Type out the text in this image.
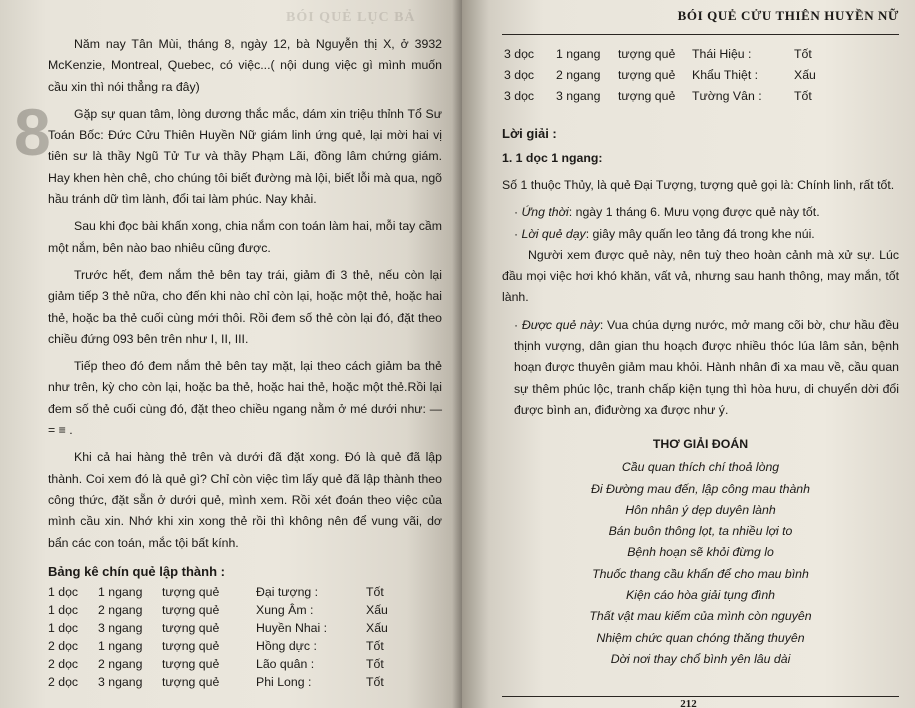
BÓI QUẺ LỤC BẢ
8

Năm nay Tân Mùi, tháng 8, ngày 12, bà Nguyễn thị X, ở 3932 McKenzie, Montreal, Quebec, có việc...( nội dung việc gì mình muốn cầu xin thì nói thẳng ra đây)

Gặp sự quan tâm, lòng dương thắc mắc, dám xin triệu thỉnh Tổ Sư Toán Bốc: Đức Cửu Thiên Huyền Nữ giám linh ứng quẻ, lại mời hai vị tiên sư là thầy Ngũ Tử Tư và thầy Phạm Lãi, đồng lâm chứng giám. Hay khen hèn chê, cho chúng tôi biết đường mà lội, biết lỗi mà qua, ngõ hầu tránh dữ tìm lành, đổi tai làm phúc. Nay khải.

Sau khi đọc bài khấn xong, chia nắm con toán làm hai, mỗi tay cầm một nắm, bên nào bao nhiêu cũng được.

Trước hết, đem nắm thẻ bên tay trái, giảm đi 3 thẻ, nếu còn lại giảm tiếp 3 thẻ nữa, cho đến khi nào chỉ còn lại, hoặc một thẻ, hoặc hai thẻ, hoặc ba thẻ cuối cùng mới thôi. Rồi đem số thẻ còn lại đó, đặt theo chiều đứng 093 bên trên như I, II, III.

Tiếp theo đó đem nắm thẻ bên tay mặt, lại theo cách giảm ba thẻ như trên, kỳ cho còn lại, hoặc ba thẻ, hoặc hai thẻ, hoặc một thẻ.Rồi lại đem số thẻ cuối cùng đó, đặt theo chiều ngang nằm ở mé dưới như: — = ≡ .

Khi cả hai hàng thẻ trên và dưới đã đặt xong. Đó là quẻ đã lập thành. Coi xem đó là quẻ gì? Chỉ còn việc tìm lấy quẻ đã lập thành theo công thức, đặt sẵn ở dưới quẻ, mình xem. Rồi xét đoán theo việc của mình cầu xin. Nhớ khi xin xong thẻ rồi thì không nên để vung vãi, dơ bẩn các con toán, mắc tội bất kính.

Bảng kê chín quẻ lập thành :
1 dọc	1 ngang	tượng quẻ	Đại tượng :	Tốt
1 dọc	2 ngang	tượng quẻ	Xung Âm :	Xấu
1 dọc	3 ngang	tượng quẻ	Huyền Nhai :	Xấu
2 dọc	1 ngang	tượng quẻ	Hồng dực :	Tốt
2 dọc	2 ngang	tượng quẻ	Lão quân :	Tốt
2 dọc	3 ngang	tượng quẻ	Phi Long :	Tốt
BÓI QUẺ CỬU THIÊN HUYỀN NỮ
3 dọc	1 ngang	tượng quẻ	Thái Hiệu :	Tốt
3 dọc	2 ngang	tượng quẻ	Khẩu Thiệt :	Xấu
3 dọc	3 ngang	tượng quẻ	Tường Vân :	Tốt
Lời giải :
1. 1 dọc 1 ngang:

Số 1 thuộc Thủy, là quẻ Đại Tượng, tượng quẻ gọi là: Chính linh, rất tốt.

· Ứng thời: ngày 1 tháng 6. Mưu vọng được quẻ này tốt.

· Lời quẻ dạy: giây mây quấn leo tảng đá trong khe núi.

Người xem được quẻ này, nên tuỳ theo hoàn cảnh mà xử sự. Lúc đầu mọi việc hơi khó khăn, vất vả, nhưng sau hanh thông, may mắn, tốt lành.

· Được quẻ này: Vua chúa dựng nước, mở mang cõi bờ, chư hầu đều thịnh vượng, dân gian thu hoạch được nhiều thóc lúa lâm sản, bệnh hoạn được thuyên giảm mau khỏi. Hành nhân đi xa mau về, cầu quan sự thêm phúc lộc, tranh chấp kiện tụng thì hòa hưu, di chuyển dời đổi được bình an, điđường xa được như ý.

THƠ GIẢI ĐOÁN
Cầu quan thích chí thoả lòng
Đi Đường mau đến, lập công mau thành
Hôn nhân ý dẹp duyên lành
Bán buôn thông lọt, ta nhiều lợi to
Bệnh hoạn sẽ khỏi đừng lo
Thuốc thang cầu khẩn để cho mau bình
Kiện cáo hòa giải tụng đình
Thất vật mau kiếm của mình còn nguyên
Nhiệm chức quan chóng thăng thuyên
Dời nơi thay chổ bình yên lâu dài
212
